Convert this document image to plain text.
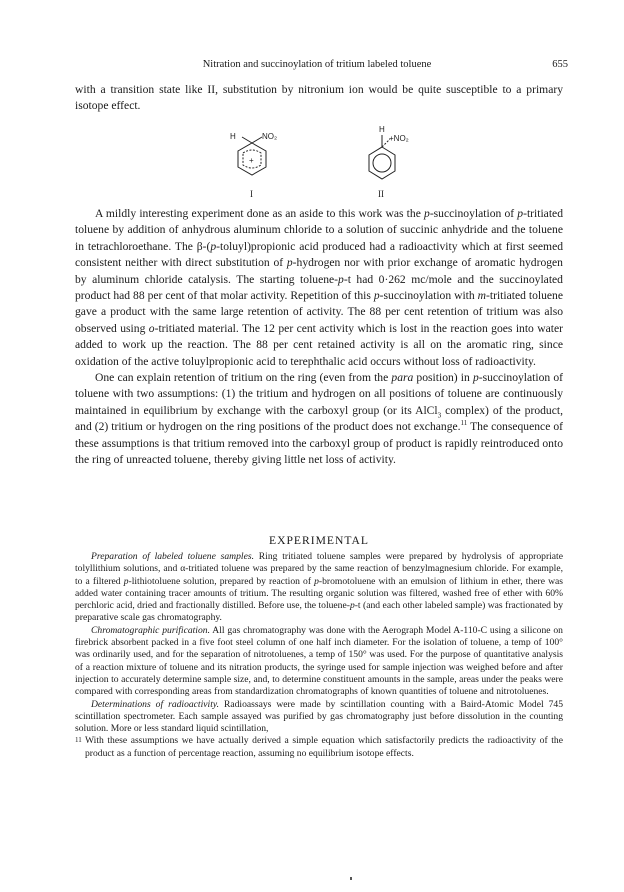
Nitration and succinoylation of tritium labeled toluene	655

with a transition state like II, substitution by nitronium ion would be quite susceptible to a primary isotope effect.

H	NO₂
+
I
H
+NO₂
II

A mildly interesting experiment done as an aside to this work was the p-succinoylation of p-tritiated toluene by addition of anhydrous aluminum chloride to a solution of succinic anhydride and the toluene in tetrachloroethane. The β-(p-toluyl)propionic acid produced had a radioactivity which at first seemed consistent neither with direct substitution of p-hydrogen nor with prior exchange of aromatic hydrogen by aluminum chloride catalysis. The starting toluene-p-t had 0·262 mc/mole and the succinoylated product had 88 per cent of that molar activity. Repetition of this p-succinoylation with m-tritiated toluene gave a product with the same large retention of activity. The 88 per cent retention of tritium was also observed using o-tritiated material. The 12 per cent activity which is lost in the reaction goes into water added to work up the reaction. The 88 per cent retained activity is all on the aromatic ring, since oxidation of the active toluylpropionic acid to terephthalic acid occurs without loss of radioactivity.

One can explain retention of tritium on the ring (even from the para position) in p-succinoylation of toluene with two assumptions: (1) the tritium and hydrogen on all positions of toluene are continuously maintained in equilibrium by exchange with the carboxyl group (or its AlCl$_3$ complex) of the product, and (2) tritium or hydrogen on the ring positions of the product does not exchange.$^{11}$ The consequence of these assumptions is that tritium removed into the carboxyl group of product is rapidly reintroduced onto the ring of unreacted toluene, thereby giving little net loss of activity.

EXPERIMENTAL

Preparation of labeled toluene samples. Ring tritiated toluene samples were prepared by hydrolysis of appropriate tolyllithium solutions, and α-tritiated toluene was prepared by the same reaction of benzylmagnesium chloride. For example, to a filtered p-lithiotoluene solution, prepared by reaction of p-bromotoluene with an emulsion of lithium in ether, there was added water containing tracer amounts of tritium. The resulting organic solution was filtered, washed free of ether with 60% perchloric acid, dried and fractionally distilled. Before use, the toluene-p-t (and each other labeled sample) was fractionated by preparative scale gas chromatography.

Chromatographic purification. All gas chromatography was done with the Aerograph Model A-110-C using a silicone on firebrick absorbent packed in a five foot steel column of one half inch diameter. For the isolation of toluene, a temp of 100° was ordinarily used, and for the separation of nitrotoluenes, a temp of 150° was used. For the purpose of quantitative analysis of a reaction mixture of toluene and its nitration products, the syringe used for sample injection was weighed before and after injection to accurately determine sample size, and, to determine constituent amounts in the sample, areas under the peaks were compared with corresponding areas from standardization chromatographs of known quantities of toluene and nitrotoluenes.

Determinations of radioactivity. Radioassays were made by scintillation counting with a Baird-Atomic Model 745 scintillation spectrometer. Each sample assayed was purified by gas chromatography just before dissolution in the counting solution. More or less standard liquid scintillation,

11 With these assumptions we have actually derived a simple equation which satisfactorily predicts the radioactivity of the product as a function of percentage reaction, assuming no equilibrium isotope effects.
